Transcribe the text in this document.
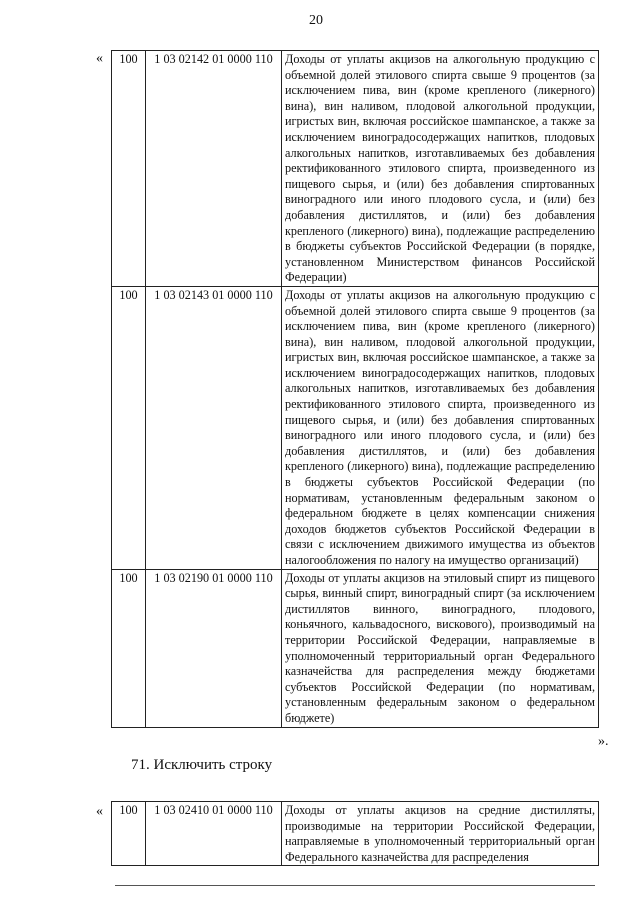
20
« 100	1 03 02142 01 0000 110	Доходы от уплаты акцизов на алкогольную продукцию с объемной долей этилового спирта свыше 9 процентов (за исключением пива, вин (кроме крепленого (ликерного) вина), вин наливом, плодовой алкогольной продукции, игристых вин, включая российское шампанское, а также за исключением виноградосодержащих напитков, плодовых алкогольных напитков, изготавливаемых без добавления ректификованного этилового спирта, произведенного из пищевого сырья, и (или) без добавления спиртованных виноградного или иного плодового сусла, и (или) без добавления дистиллятов, и (или) без добавления крепленого (ликерного) вина), подлежащие распределению в бюджеты субъектов Российской Федерации (в порядке, установленном Министерством финансов Российской Федерации)
100	1 03 02143 01 0000 110	Доходы от уплаты акцизов на алкогольную продукцию с объемной долей этилового спирта свыше 9 процентов (за исключением пива, вин (кроме крепленого (ликерного) вина), вин наливом, плодовой алкогольной продукции, игристых вин, включая российское шампанское, а также за исключением виноградосодержащих напитков, плодовых алкогольных напитков, изготавливаемых без добавления ректификованного этилового спирта, произведенного из пищевого сырья, и (или) без добавления спиртованных виноградного или иного плодового сусла, и (или) без добавления дистиллятов, и (или) без добавления крепленого (ликерного) вина), подлежащие распределению в бюджеты субъектов Российской Федерации (по нормативам, установленным федеральным законом о федеральном бюджете в целях компенсации снижения доходов бюджетов субъектов Российской Федерации в связи с исключением движимого имущества из объектов налогообложения по налогу на имущество организаций)
100	1 03 02190 01 0000 110	Доходы от уплаты акцизов на этиловый спирт из пищевого сырья, винный спирт, виноградный спирт (за исключением дистиллятов винного, виноградного, плодового, коньячного, кальвадосного, вискового), производимый на территории Российской Федерации, направляемые в уполномоченный территориальный орган Федерального казначейства для распределения между бюджетами субъектов Российской Федерации (по нормативам, установленным федеральным законом о федеральном бюджете)
».
71. Исключить строку
« 100	1 03 02410 01 0000 110	Доходы от уплаты акцизов на средние дистилляты, производимые на территории Российской Федерации, направляемые в уполномоченный территориальный орган Федерального казначейства для распределения
